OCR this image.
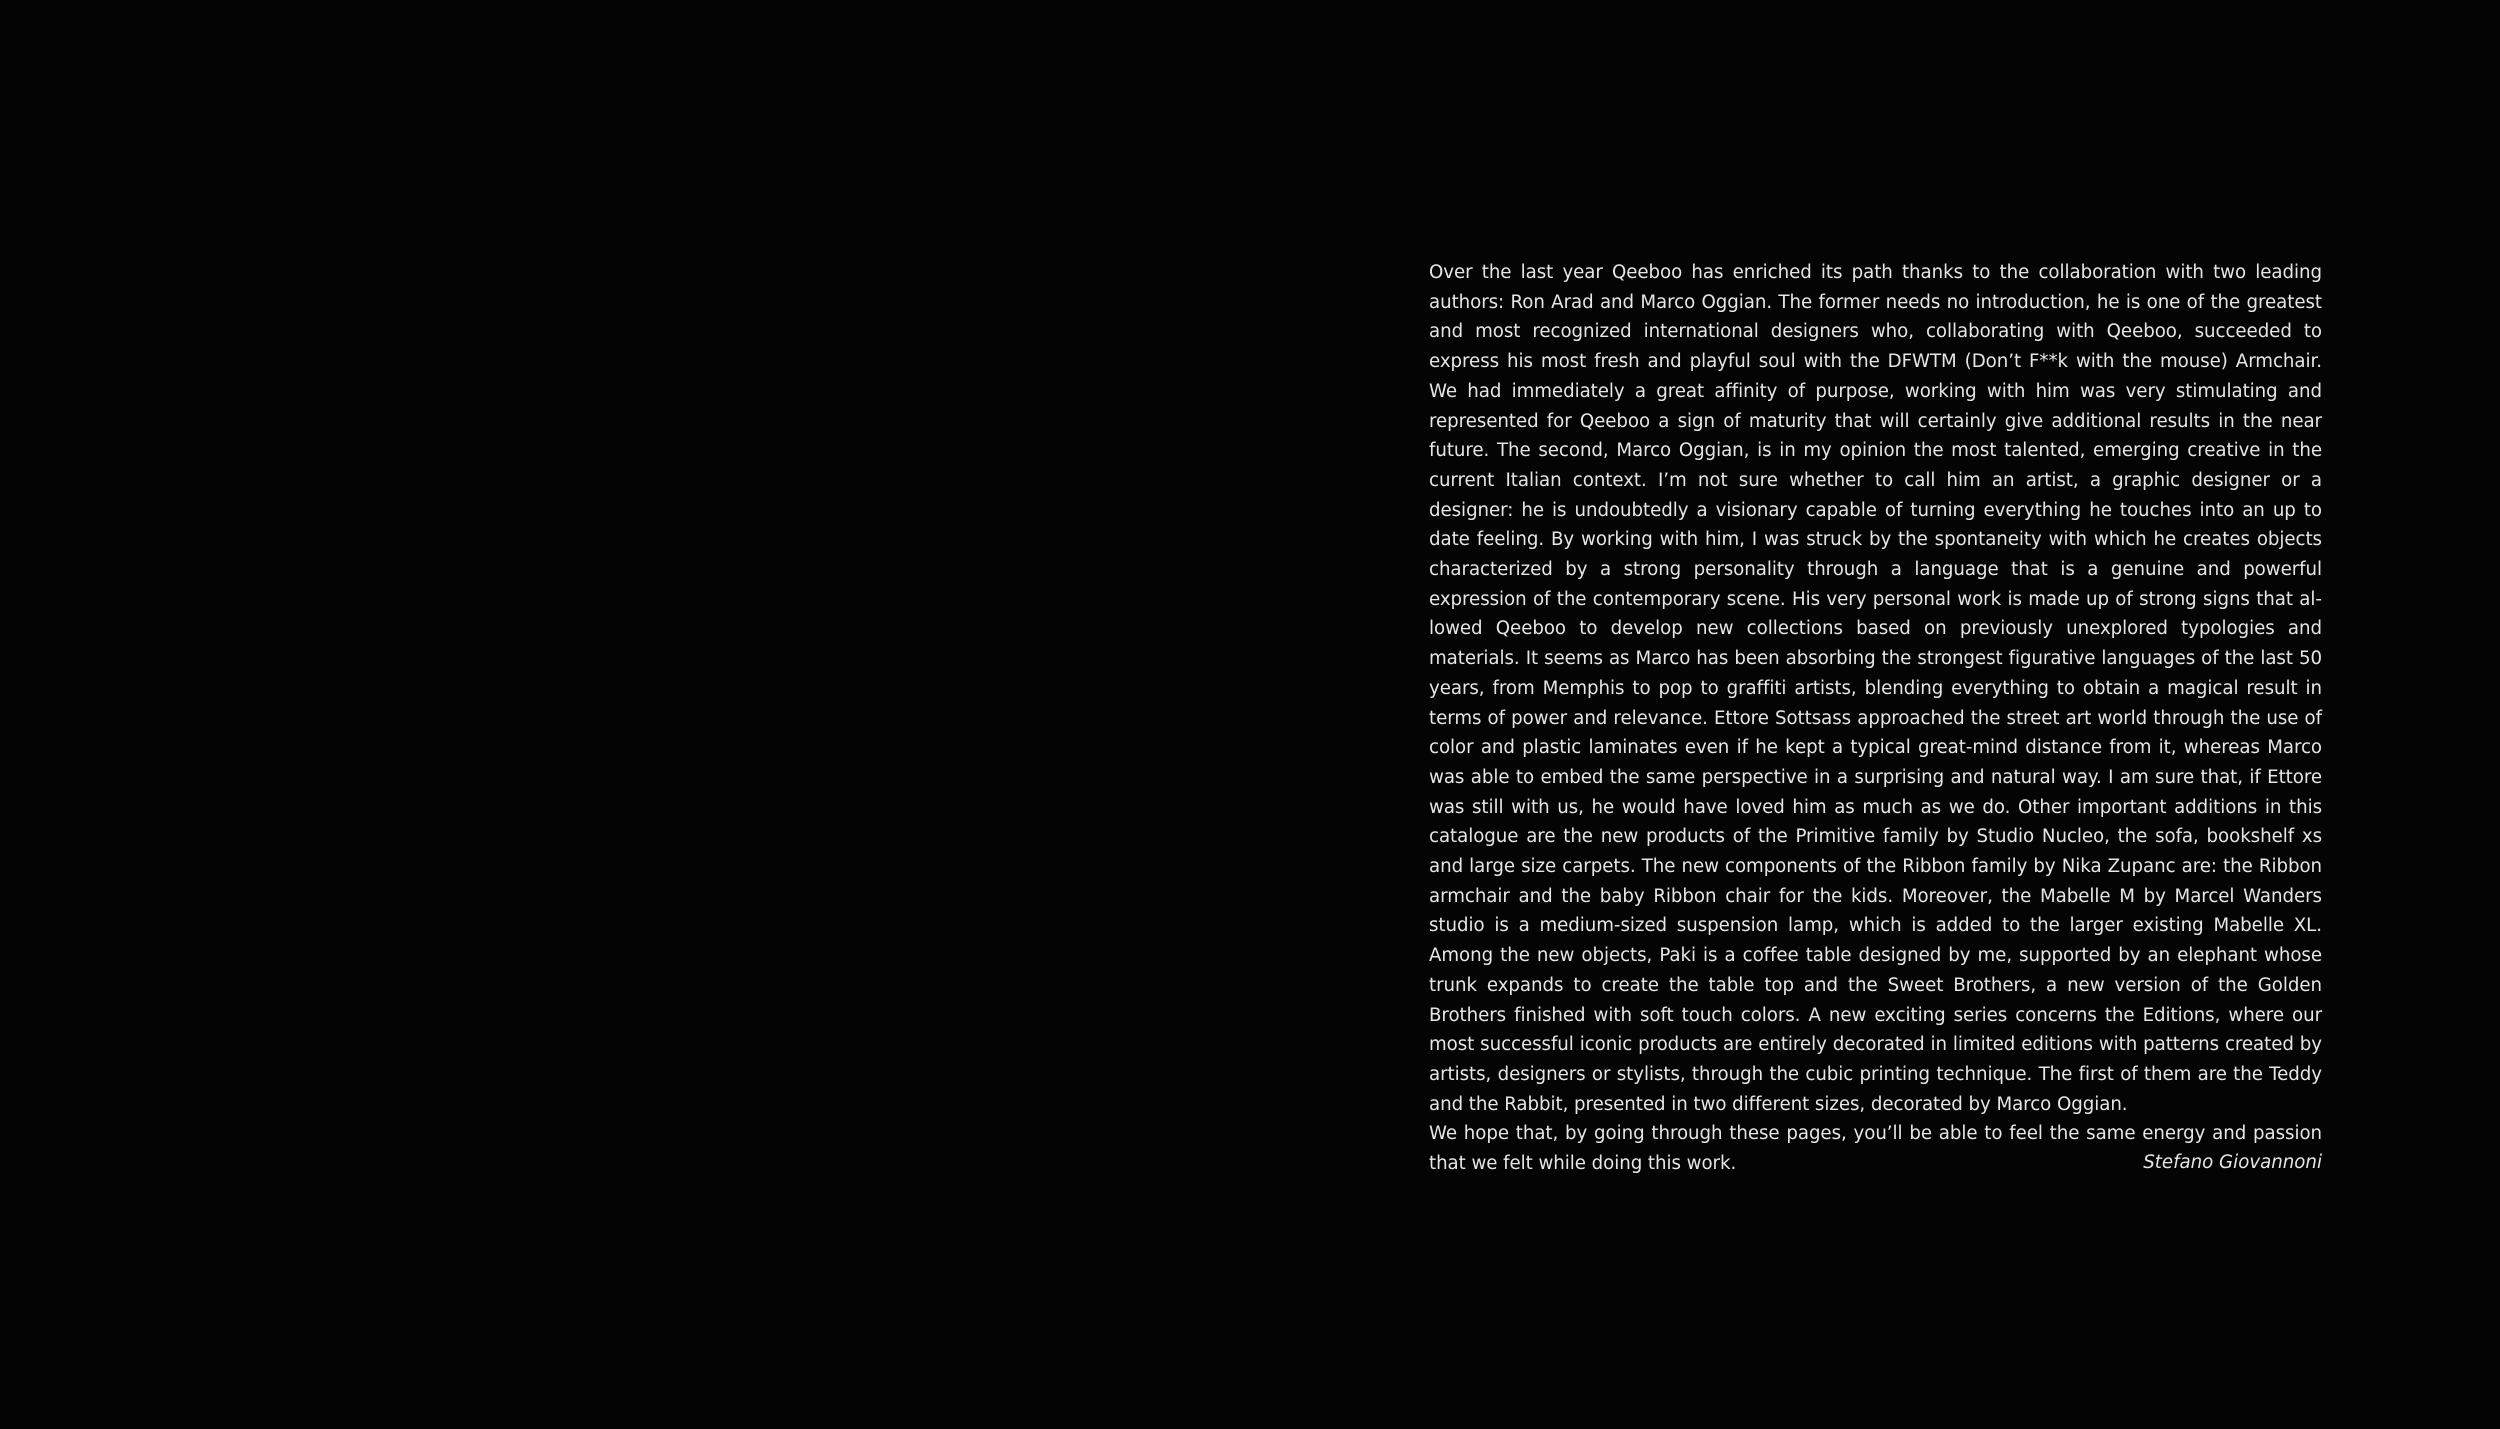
Over the last year Qeeboo has enriched its path thanks to the collaboration with two leading authors: Ron Arad and Marco Oggian. The former needs no introduction, he is one of the greatest and most recognized international designers who, collaborating with Qeeboo, succeeded to express his most fresh and playful soul with the DFWTM (Don’t F**k with the mouse) Armchair. We had immediately a great affinity of purpose, working with him was very stimulating and represented for Qeeboo a sign of maturity that will certainly give additional results in the near future. The second, Marco Oggian, is in my opinion the most talented, emerging creative in the current Italian context. I’m not sure whether to call him an artist, a graphic designer or a designer: he is undoubtedly a visionary capable of turning everything he touches into an up to date feeling. By working with him, I was struck by the spontaneity with which he creates objects characterized by a strong personality through a language that is a genuine and powerful expression of the contemporary scene. His very personal work is made up of strong signs that allowed Qeeboo to develop new collections based on previously unexplored typologies and materials. It seems as Marco has been absorbing the strongest figurative languages of the last 50 years, from Memphis to pop to graffiti artists, blending everything to obtain a magical result in terms of power and relevance. Ettore Sottsass approached the street art world through the use of color and plastic laminates even if he kept a typical great-mind distance from it, whereas Marco was able to embed the same perspective in a surprising and natural way. I am sure that, if Ettore was still with us, he would have loved him as much as we do. Other important additions in this catalogue are the new products of the Primitive family by Studio Nucleo, the sofa, bookshelf xs and large size carpets. The new components of the Ribbon family by Nika Zupanc are: the Ribbon armchair and the baby Ribbon chair for the kids. Moreover, the Mabelle M by Marcel Wanders studio is a medium-sized suspension lamp, which is added to the larger existing Mabelle XL. Among the new objects, Paki is a coffee table designed by me, supported by an elephant whose trunk expands to create the table top and the Sweet Brothers, a new version of the Golden Brothers finished with soft touch colors. A new exciting series concerns the Editions, where our most successful iconic products are entirely decorated in limited editions with patterns created by artists, designers or stylists, through the cubic printing technique. The first of them are the Teddy and the Rabbit, presented in two different sizes, decorated by Marco Oggian.

We hope that, by going through these pages, you’ll be able to feel the same energy and passion that we felt while doing this work.	Stefano Giovannoni
